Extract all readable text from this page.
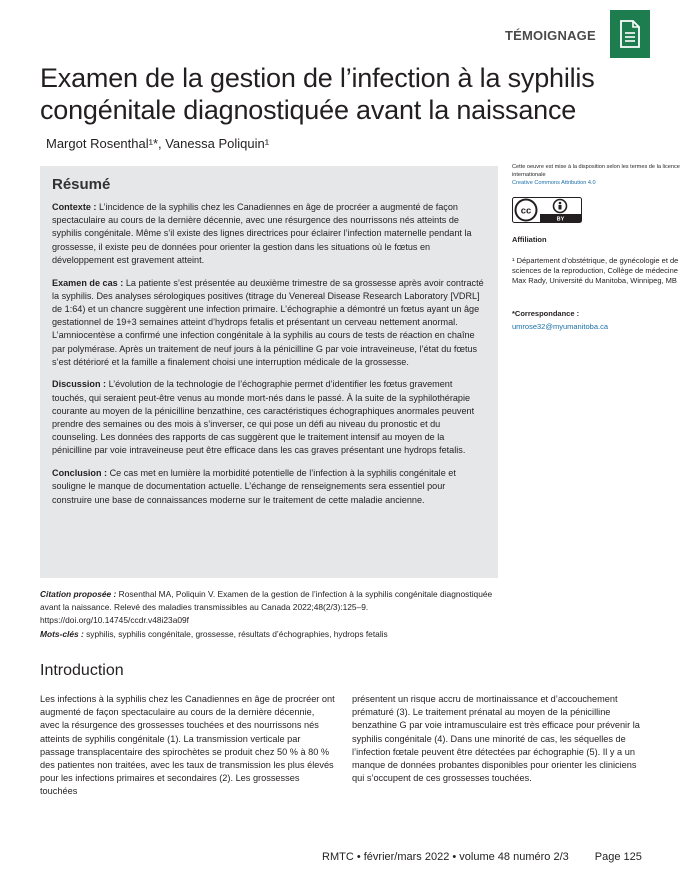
TÉMOIGNAGE
Examen de la gestion de l’infection à la syphilis congénitale diagnostiquée avant la naissance
Margot Rosenthal¹*, Vanessa Poliquin¹
Résumé

Contexte : L’incidence de la syphilis chez les Canadiennes en âge de procréer a augmenté de façon spectaculaire au cours de la dernière décennie, avec une résurgence des nourrissons nés atteints de syphilis congénitale. Même s’il existe des lignes directrices pour éclairer l’infection maternelle pendant la grossesse, il existe peu de données pour orienter la gestion dans les situations où le fœtus en développement est gravement atteint.

Examen de cas : La patiente s’est présentée au deuxième trimestre de sa grossesse après avoir contracté la syphilis. Des analyses sérologiques positives (titrage du Venereal Disease Research Laboratory [VDRL] de 1:64) et un chancre suggèrent une infection primaire. L’échographie a démontré un fœtus ayant un âge gestationnel de 19+3 semaines atteint d’hydrops fetalis et présentant un cerveau nettement anormal. L’amniocentèse a confirmé une infection congénitale à la syphilis au cours de tests de réaction en chaîne par polymérase. Après un traitement de neuf jours à la pénicilline G par voie intraveineuse, l’état du fœtus s’est détérioré et la famille a finalement choisi une interruption médicale de la grossesse.

Discussion : L’évolution de la technologie de l’échographie permet d’identifier les fœtus gravement touchés, qui seraient peut-être venus au monde mort-nés dans le passé. À la suite de la syphilothérapie courante au moyen de la pénicilline benzathine, ces caractéristiques échographiques anormales peuvent prendre des semaines ou des mois à s’inverser, ce qui pose un défi au niveau du pronostic et du counseling. Les données des rapports de cas suggèrent que le traitement intensif au moyen de la pénicilline par voie intraveineuse peut être efficace dans les cas graves présentant une hydrops fetalis.

Conclusion : Ce cas met en lumière la morbidité potentielle de l’infection à la syphilis congénitale et souligne le manque de documentation actuelle. L’échange de renseignements sera essentiel pour construire une base de connaissances moderne sur le traitement de cette maladie ancienne.

Citation proposée : Rosenthal MA, Poliquin V. Examen de la gestion de l’infection à la syphilis congénitale diagnostiquée avant la naissance. Relevé des maladies transmissibles au Canada 2022;48(2/3):125–9. https://doi.org/10.14745/ccdr.v48i23a09f
Mots-clés : syphilis, syphilis congénitale, grossesse, résultats d’échographies, hydrops fetalis
Cette oeuvre est mise à la disposition selon les termes de la licence internationale
Creative Commons Attribution 4.0
cc
BY
Affiliation
¹ Département d’obstétrique, de gynécologie et de sciences de la reproduction, Collège de médecine Max Rady, Université du Manitoba, Winnipeg, MB
*Correspondance :
umrose32@myumanitoba.ca
Introduction

Les infections à la syphilis chez les Canadiennes en âge de procréer ont augmenté de façon spectaculaire au cours de la dernière décennie, avec la résurgence des grossesses touchées et des nourrissons nés atteints de syphilis congénitale (1). La transmission verticale par passage transplacentaire des spirochètes se produit chez 50 % à 80 % des patientes non traitées, avec les taux de transmission les plus élevés pour les infections primaires et secondaires (2). Les grossesses touchées

présentent un risque accru de mortinaissance et d’accouchement prématuré (3). Le traitement prénatal au moyen de la pénicilline benzathine G par voie intramusculaire est très efficace pour prévenir la syphilis congénitale (4). Dans une minorité de cas, les séquelles de l’infection fœtale peuvent être détectées par échographie (5). Il y a un manque de données probantes disponibles pour orienter les cliniciens qui s’occupent de ces grossesses touchées.

RMTC • février/mars 2022 • volume 48 numéro 2/3 Page 125
